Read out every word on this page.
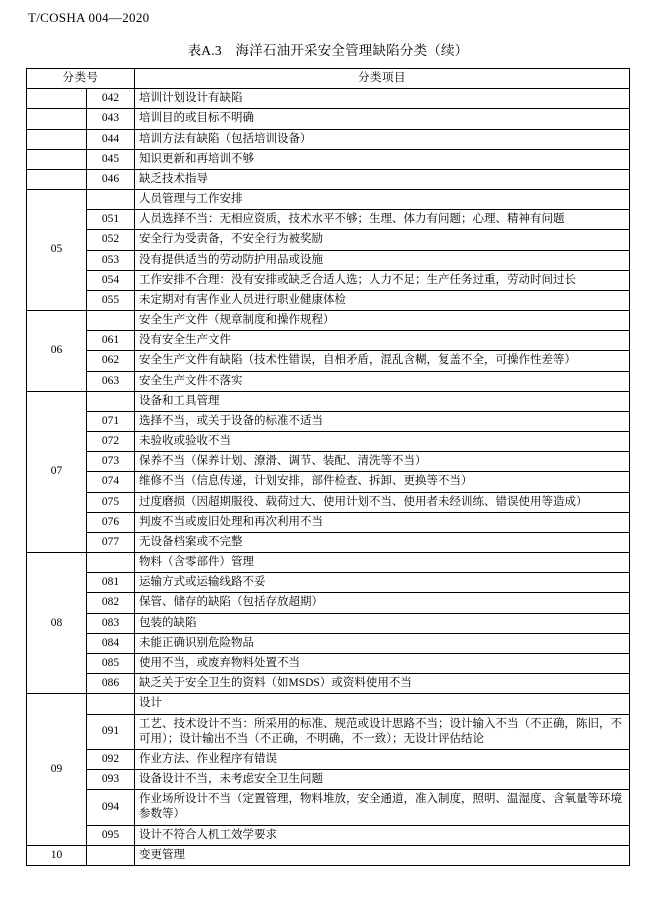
T/COSHA 004—2020
表A.3　海洋石油开采安全管理缺陷分类（续）
分类号		分类项目
	042	培训计划设计有缺陷
	043	培训目的或目标不明确
	044	培训方法有缺陷（包括培训设备）
	045	知识更新和再培训不够
	046	缺乏技术指导
05		人员管理与工作安排
	051	人员选择不当：无相应资质，技术水平不够；生理、体力有问题；心理、精神有问题
	052	安全行为受责备，不安全行为被奖励
	053	没有提供适当的劳动防护用品或设施
	054	工作安排不合理：没有安排或缺乏合适人选；人力不足；生产任务过重，劳动时间过长
	055	未定期对有害作业人员进行职业健康体检
06		安全生产文件（规章制度和操作规程）
	061	没有安全生产文件
	062	安全生产文件有缺陷（技术性错误，自相矛盾，混乱含糊，复盖不全，可操作性差等）
	063	安全生产文件不落实
07		设备和工具管理
	071	选择不当，或关于设备的标准不适当
	072	未验收或验收不当
	073	保养不当（保养计划、潦滑、调节、装配、清洗等不当）
	074	维修不当（信息传递，计划安排，部件检查、拆卸、更换等不当）
	075	过度磨损（因超期服役、载荷过大、使用计划不当、使用者未经训练、错误使用等造成）
	076	判废不当或废旧处理和再次利用不当
	077	无设备档案或不完整
08		物料（含零部件）管理
	081	运输方式或运输线路不妥
	082	保管、储存的缺陷（包括存放超期）
	083	包装的缺陷
	084	未能正确识别危险物品
	085	使用不当，或废弃物料处置不当
	086	缺乏关于安全卫生的资料（如MSDS）或资料使用不当
09		设计
	091	工艺、技术设计不当：所采用的标准、规范或设计思路不当；设计输入不当（不正确，陈旧，不可用）；设计输出不当（不正确，不明确，不一致）；无设计评估结论
	092	作业方法、作业程序有错误
	093	设备设计不当，未考虑安全卫生问题
	094	作业场所设计不当（定置管理，物料堆放，安全通道，准入制度，照明、温湿度、含氧量等环境参数等）
	095	设计不符合人机工效学要求
10		变更管理
